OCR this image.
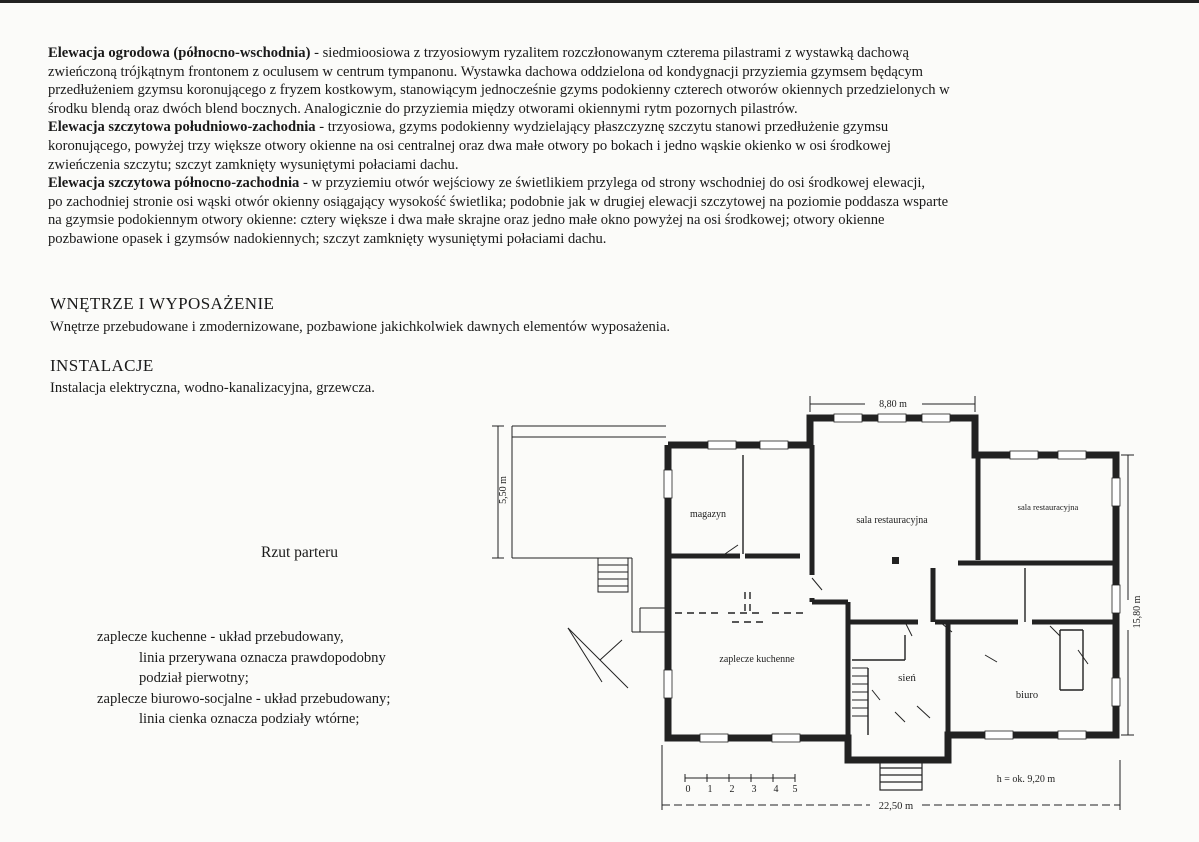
Elewacja ogrodowa (północno-wschodnia) - siedmioosiowa z trzyosiowym ryzalitem rozczłonowanym czterema pilastrami z wystawką dachową

zwieńczoną trójkątnym frontonem z oculusem w centrum tympanonu. Wystawka dachowa oddzielona od kondygnacji przyziemia gzymsem będącym

przedłużeniem gzymsu koronującego z fryzem kostkowym, stanowiącym jednocześnie gzyms podokienny czterech otworów okiennych przedzielonych w

środku blendą oraz dwóch blend bocznych. Analogicznie do przyziemia między otworami okiennymi rytm pozornych pilastrów.

Elewacja szczytowa południowo-zachodnia - trzyosiowa, gzyms podokienny wydzielający płaszczyznę szczytu stanowi przedłużenie gzymsu

koronującego, powyżej trzy większe otwory okienne na osi centralnej oraz dwa małe otwory po bokach i jedno wąskie okienko w osi środkowej

zwieńczenia szczytu; szczyt zamknięty wysuniętymi połaciami dachu.

Elewacja szczytowa północno-zachodnia - w przyziemiu otwór wejściowy ze świetlikiem przylega od strony wschodniej do osi środkowej elewacji,

po zachodniej stronie osi wąski otwór okienny osiągający wysokość świetlika; podobnie jak w drugiej elewacji szczytowej na poziomie poddasza wsparte

na gzymsie podokiennym otwory okienne: cztery większe i dwa małe skrajne oraz jedno małe okno powyżej na osi środkowej; otwory okienne

pozbawione opasek i gzymsów nadokiennych; szczyt zamknięty wysuniętymi połaciami dachu.

WNĘTRZE I WYPOSAŻENIE
Wnętrze przebudowane i zmodernizowane, pozbawione jakichkolwiek dawnych elementów wyposażenia.
INSTALACJE
Instalacja elektryczna, wodno-kanalizacyjna, grzewcza.
Rzut parteru
zaplecze kuchenne - układ przebudowany,
linia przerywana oznacza prawdopodobny
podział pierwotny;
zaplecze biurowo-socjalne - układ przebudowany;
linia cienka oznacza podziały wtórne;
magazyn
sala restauracyjna
sala restauracyjna
zaplecze kuchenne
sień
biuro
8,80 m
5,50 m
15,80 m
22,50 m
h = ok. 9,20 m
0 1 2 3 4 5
